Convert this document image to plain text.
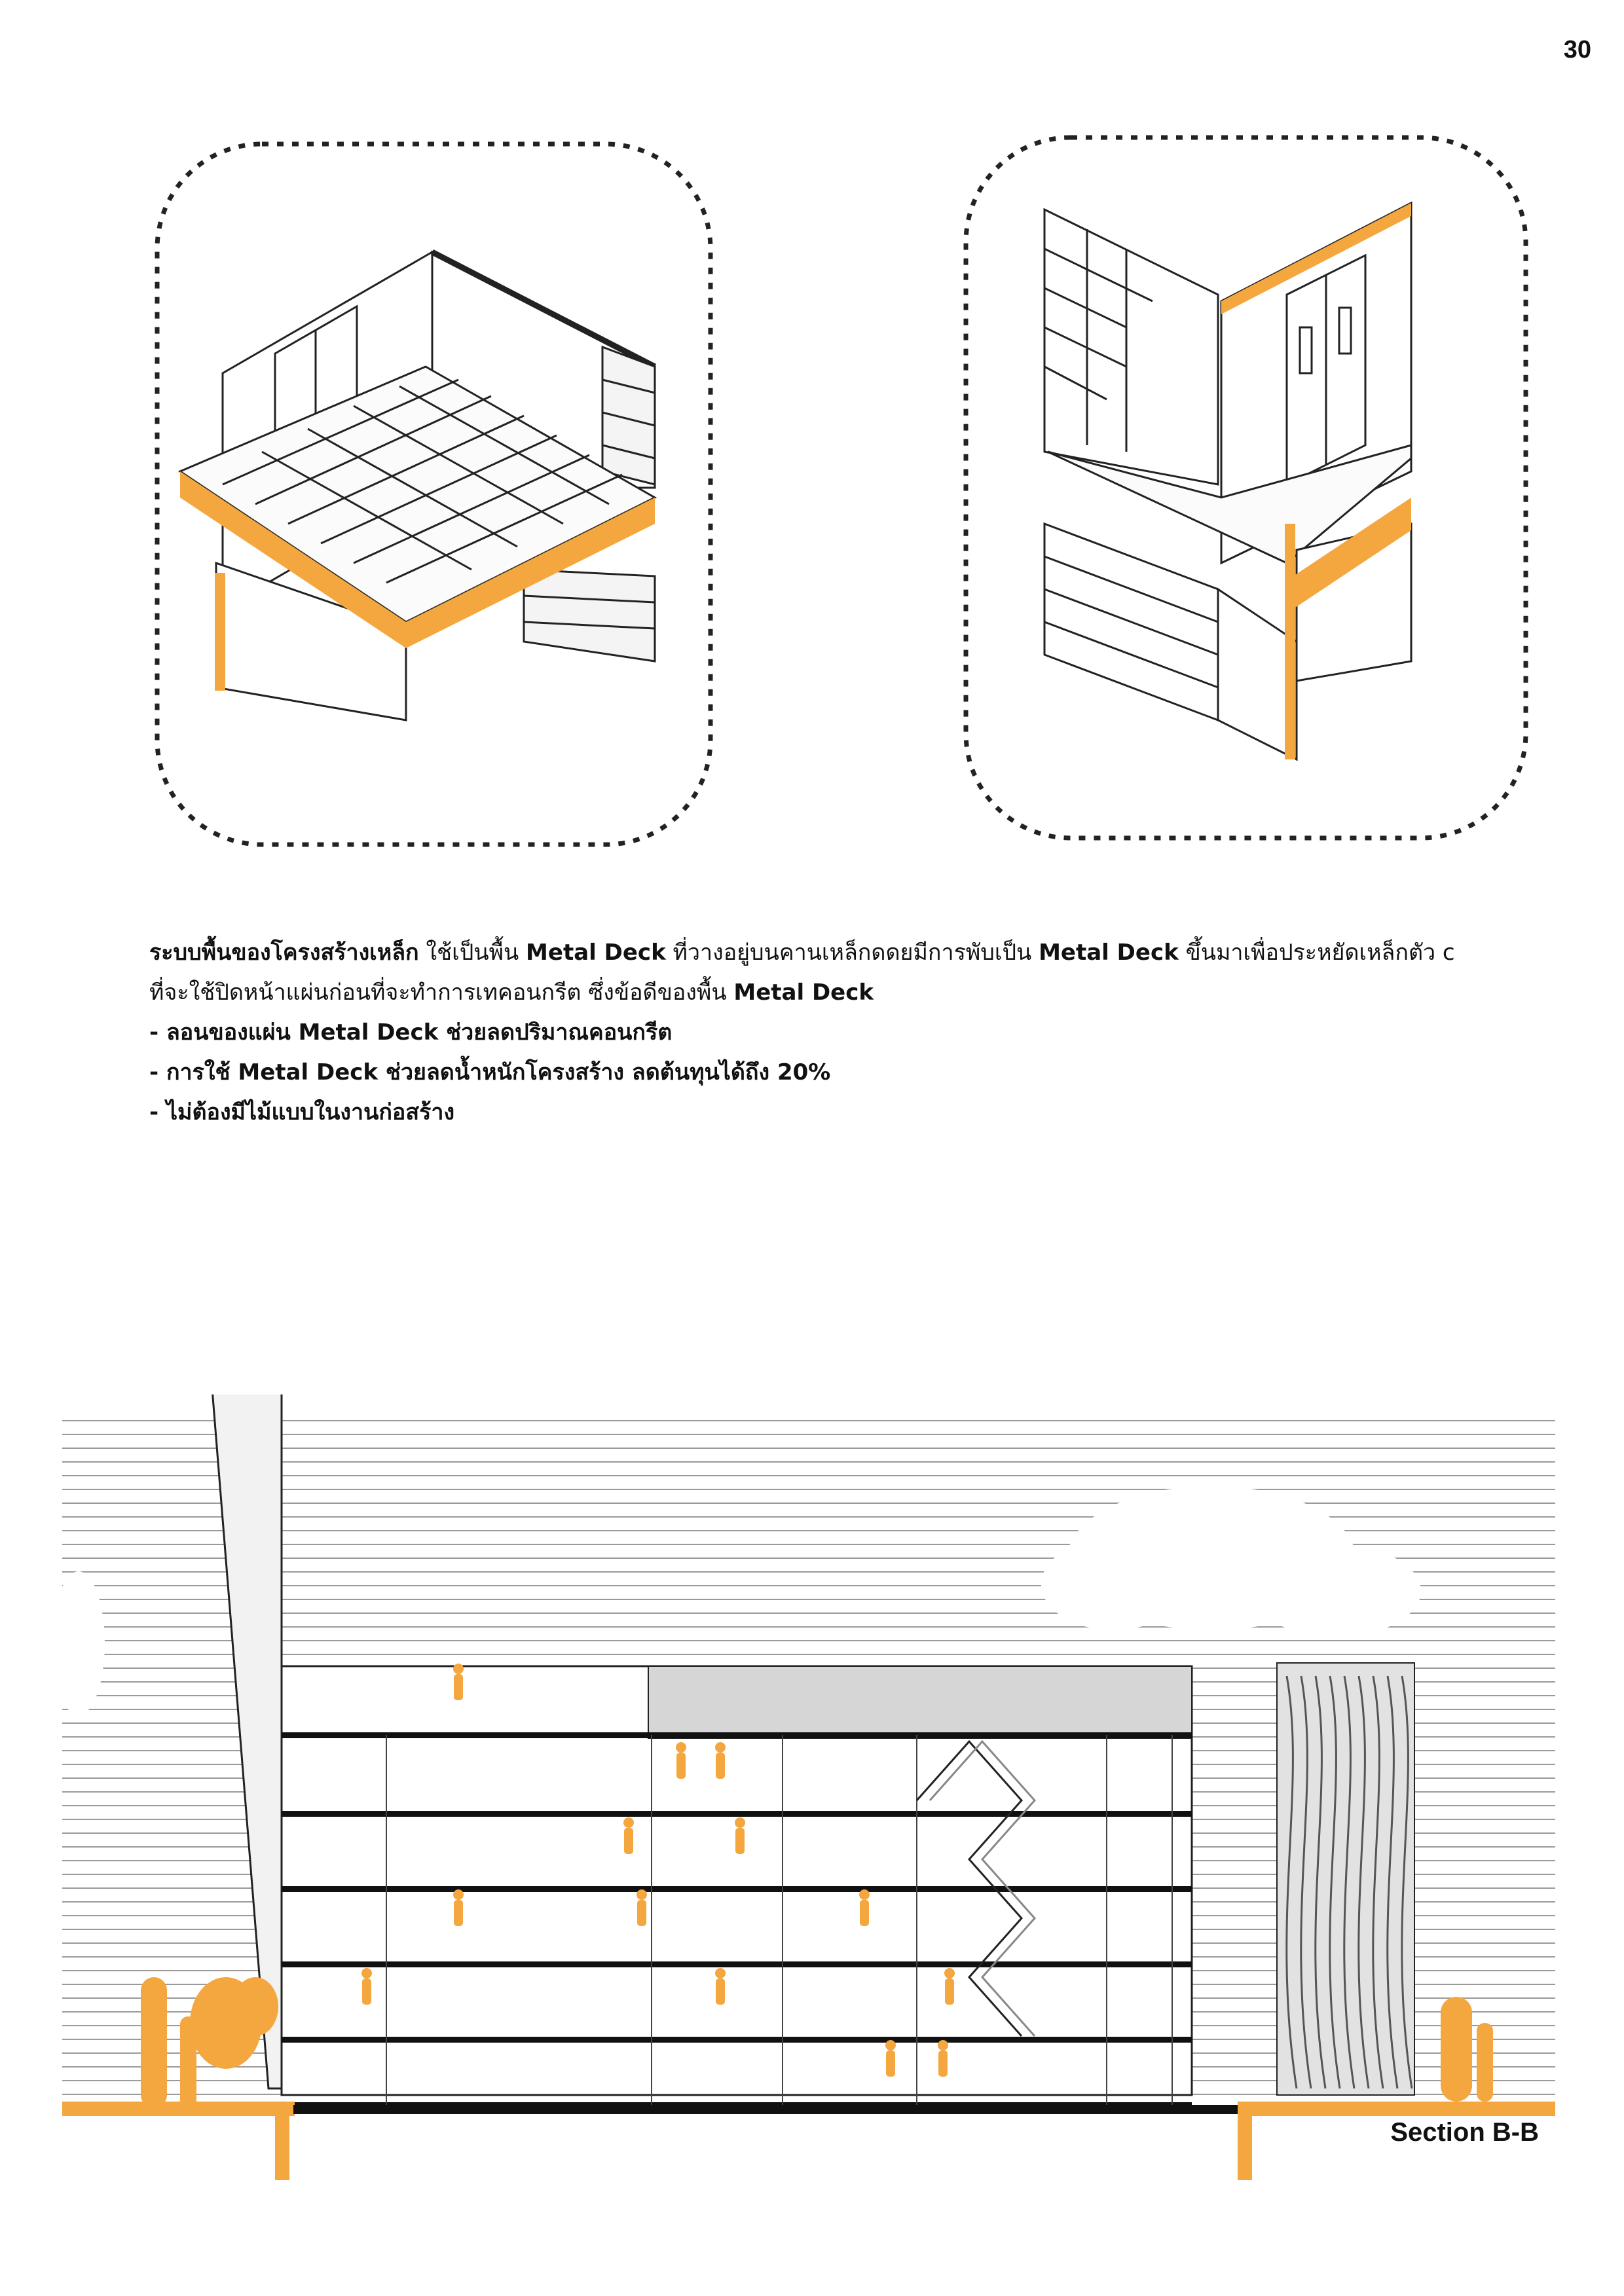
30
ระบบพื้นของโครงสร้างเหล็ก ใช้เป็นพื้น Metal Deck ที่วางอยู่บนคานเหล็กดดยมีการพับเป็น Metal Deck ขึ้นมาเพื่อประหยัดเหล็กตัว c
ที่จะใช้ปิดหน้าแผ่นก่อนที่จะทำการเทคอนกรีต ซึ่งข้อดีของพื้น Metal Deck
- ลอนของแผ่น Metal Deck ช่วยลดปริมาณคอนกรีต
- การใช้ Metal Deck ช่วยลดน้ำหนักโครงสร้าง ลดต้นทุนได้ถึง 20%
- ไม่ต้องมีไม้แบบในงานก่อสร้าง
Section B-B
